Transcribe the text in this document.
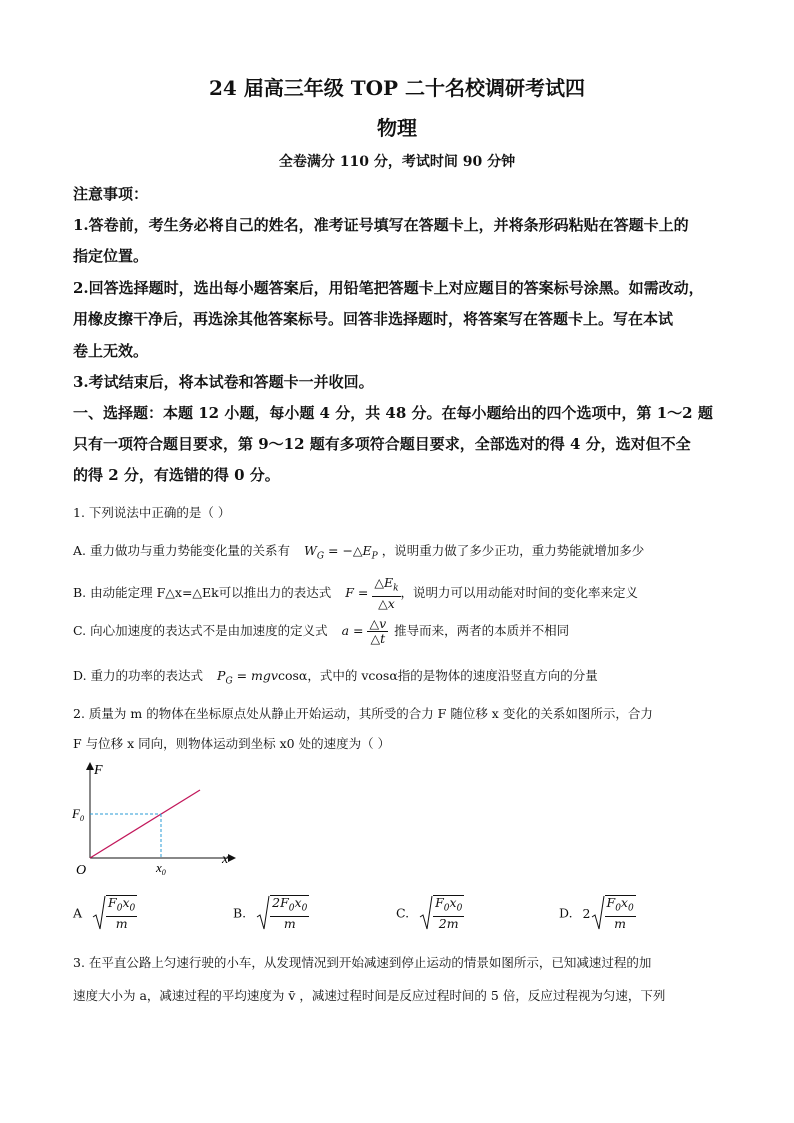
24 届高三年级 TOP 二十名校调研考试四
物理
全卷满分 110 分，考试时间 90 分钟
注意事项：
1.答卷前，考生务必将自己的姓名，准考证号填写在答题卡上，并将条形码粘贴在答题卡上的
指定位置。
2.回答选择题时，选出每小题答案后，用铅笔把答题卡上对应题目的答案标号涂黑。如需改动，
用橡皮擦干净后，再选涂其他答案标号。回答非选择题时，将答案写在答题卡上。写在本试
卷上无效。
3.考试结束后，将本试卷和答题卡一并收回。
一、选择题：本题 12 小题，每小题 4 分，共 48 分。在每小题给出的四个选项中，第 1～2 题
只有一项符合题目要求，第 9～12 题有多项符合题目要求，全部选对的得 4 分，选对但不全
的得 2 分，有选错的得 0 分。
1. 下列说法中正确的是（ ）
A. 重力做功与重力势能变化量的关系有 $W_G$ = $-\triangle E_P$ ，说明重力做了多少正功，重力势能就增加多少
B. 由动能定理 F△x=△Ek可以推出力的表达式 $F = \frac{\triangle E_k}{\triangle x}$ ，说明力可以用动能对时间的变化率来定义
C. 向心加速度的表达式不是由加速度的定义式 $a = \frac{\triangle v}{\triangle t}$ 推导而来，两者的本质并不相同
D. 重力的功率的表达式 $P_G = mgvcos\alpha$，式中的 vcosα指的是物体的速度沿竖直方向的分量
2. 质量为 m 的物体在坐标原点处从静止开始运动，其所受的合力 F 随位移 x 变化的关系如图所示，合力
F 与位移 x 同向，则物体运动到坐标 x0 处的速度为（ ）
F
x
O
$F_0$
$x_0$
A $\frac{F_0x_0}{m}$	B. $\frac{2F_0x_0}{m}$	C. $\frac{F_0x_0}{2m}$	D. $2 \frac{F_0x_0}{m}$
3. 在平直公路上匀速行驶的小车，从发现情况到开始减速到停止运动的情景如图所示，已知减速过程的加
速度大小为 a，减速过程的平均速度为 v̄ ，减速过程时间是反应过程时间的 5 倍，反应过程视为匀速，下列
